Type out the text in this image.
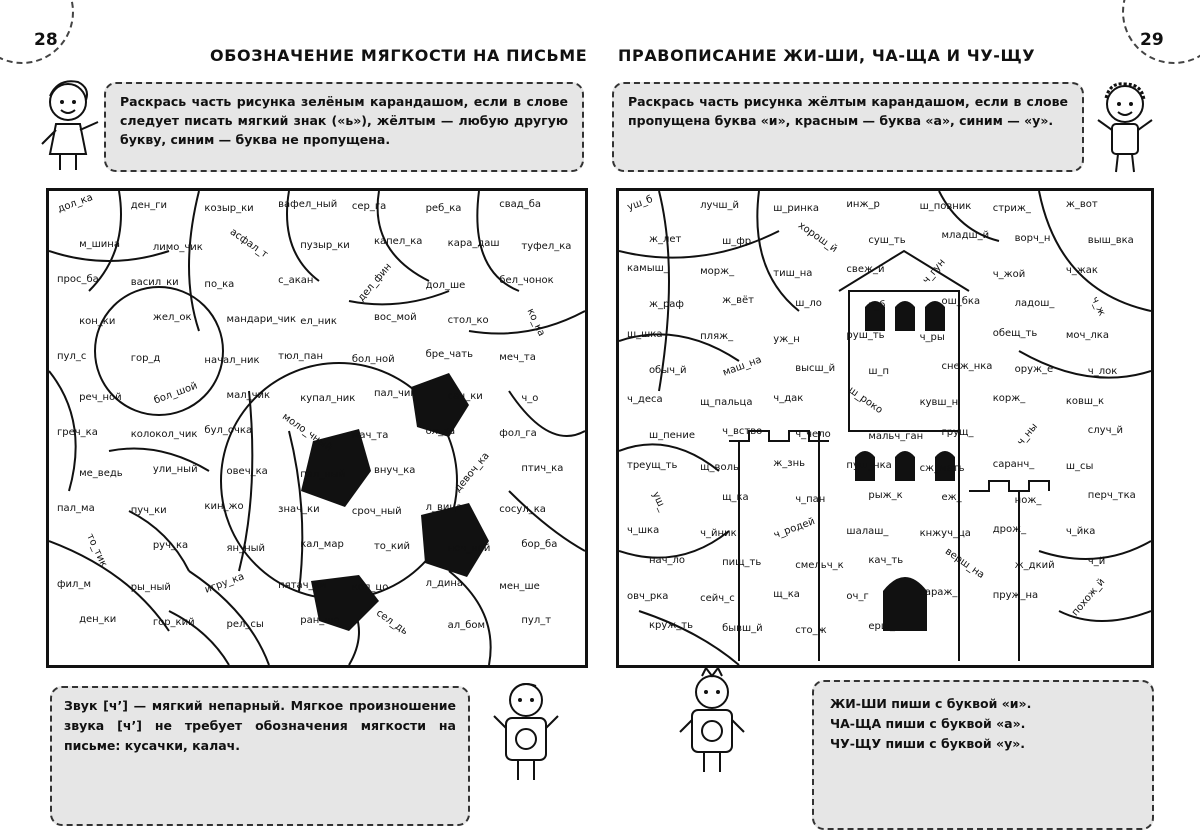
28	29
ОБОЗНАЧЕНИЕ МЯГКОСТИ НА ПИСЬМЕ ПРАВОПИСАНИЕ ЖИ-ШИ, ЧА-ЩА И ЧУ-ЩУ
Раскрась часть рисунка зелёным карандашом, если в слове следует писать мягкий знак («ь»), жёлтым — любую другую букву, синим — буква не пропущена.
Раскрась часть рисунка жёлтым карандашом, если в слове пропущена буква «и», красным — буква «а», синим — «у».
дол_ка	ден_ги	козыр_ки вафел_ный сер_га	реб_ка	свад_ба
м_шина	лимо_чик асфал_т	пузыр_ки капел_ка	кара_даш туфел_ка
прос_ба	васил_ки	по_ка	с_акан	дел_фин	дол_ше	бел_чонок
кон_ки	жел_ок	мандари_чик ел_ник	вос_мой	стол_ко	ко_ка
пул_с	гор_д	начал_ник тюл_пан	бол_ной	бре_чать	меч_та
реч_ной	бол_шой	мал_чик	купал_ник пал_чик	сач_ки	ч_о
греч_ка	колокол_чик бул_очка	моло_чный мач_та	ол_ха	фол_га
ме_ведь	ули_ный	овеч_ка	пал_ный	внуч_ка	девоч_ка	птич_ка
пал_ма	пуч_ки	кин_жо	знач_ки	срoч_ный л_вица	сосул_ка
то_тик	руч_ка	ян_ный	кал_мар	то_кий	ноч_ной	бор_ба
фил_м	ры_ный	игру_ка	пятач_ки	кол_цо	л_дина	мен_ше
ден_ки	гор_кий	рел_сы	ран_ше	сел_дь	ал_бом	пул_т
уш_б	лучш_й	ш_ринка	инж_р	ш_повник стриж_	ж_вот
ж_лет	ш_фр	хорош_й	суш_ть	младш_й	ворч_н	выш_вка
камыш_	морж_	тиш_на	свеж_й	ч_гун	ч_жой	ч_жак
ж_раф	ж_вёт	ш_ло	ч_б	ош_бка	ладош_	ч_ж
ш_шка	пляж_	уж_н	руш_ть	ч_ры	обещ_ть	моч_лка
обыч_й	маш_на	высш_й	ш_п	снеж_нка оруж_е	ч_лок
ч_деса	щ_пальца ч_дак	ш_роко	кувш_н	корж_	ковш_к
ш_пение	ч_вство	ч_чело	мальч_ган грущ_	ч_ны	случ_й
треущ_ть щ_воль	ж_знь	пуш_нка	сж_мать	саранч_	ш_сы
уш_	щ_ка	ч_пан	рыж_к	еж_	нож_	перч_тка
ч_шка	ч_йник	ч_родей	шалаш_	кнжуч_ца дрож_	ч_йка
нач_ло	пищ_ть	смельч_к кач_ть	верш_на	ж_дкий	ч_й
овч_рка	сейч_с	щ_ка	оч_г	гараж_	пруж_на	похож_й
круж_ть	бывш_й	сто_ж	ерш_
Звук [ч’] — мягкий непарный. Мягкое произношение звука [ч’] не требует обозначения мягкости на письме: кусачки, калач.
ЖИ-ШИ пиши с буквой «и».
ЧА-ЩА пиши с буквой «а».
ЧУ-ЩУ пиши с буквой «у».
